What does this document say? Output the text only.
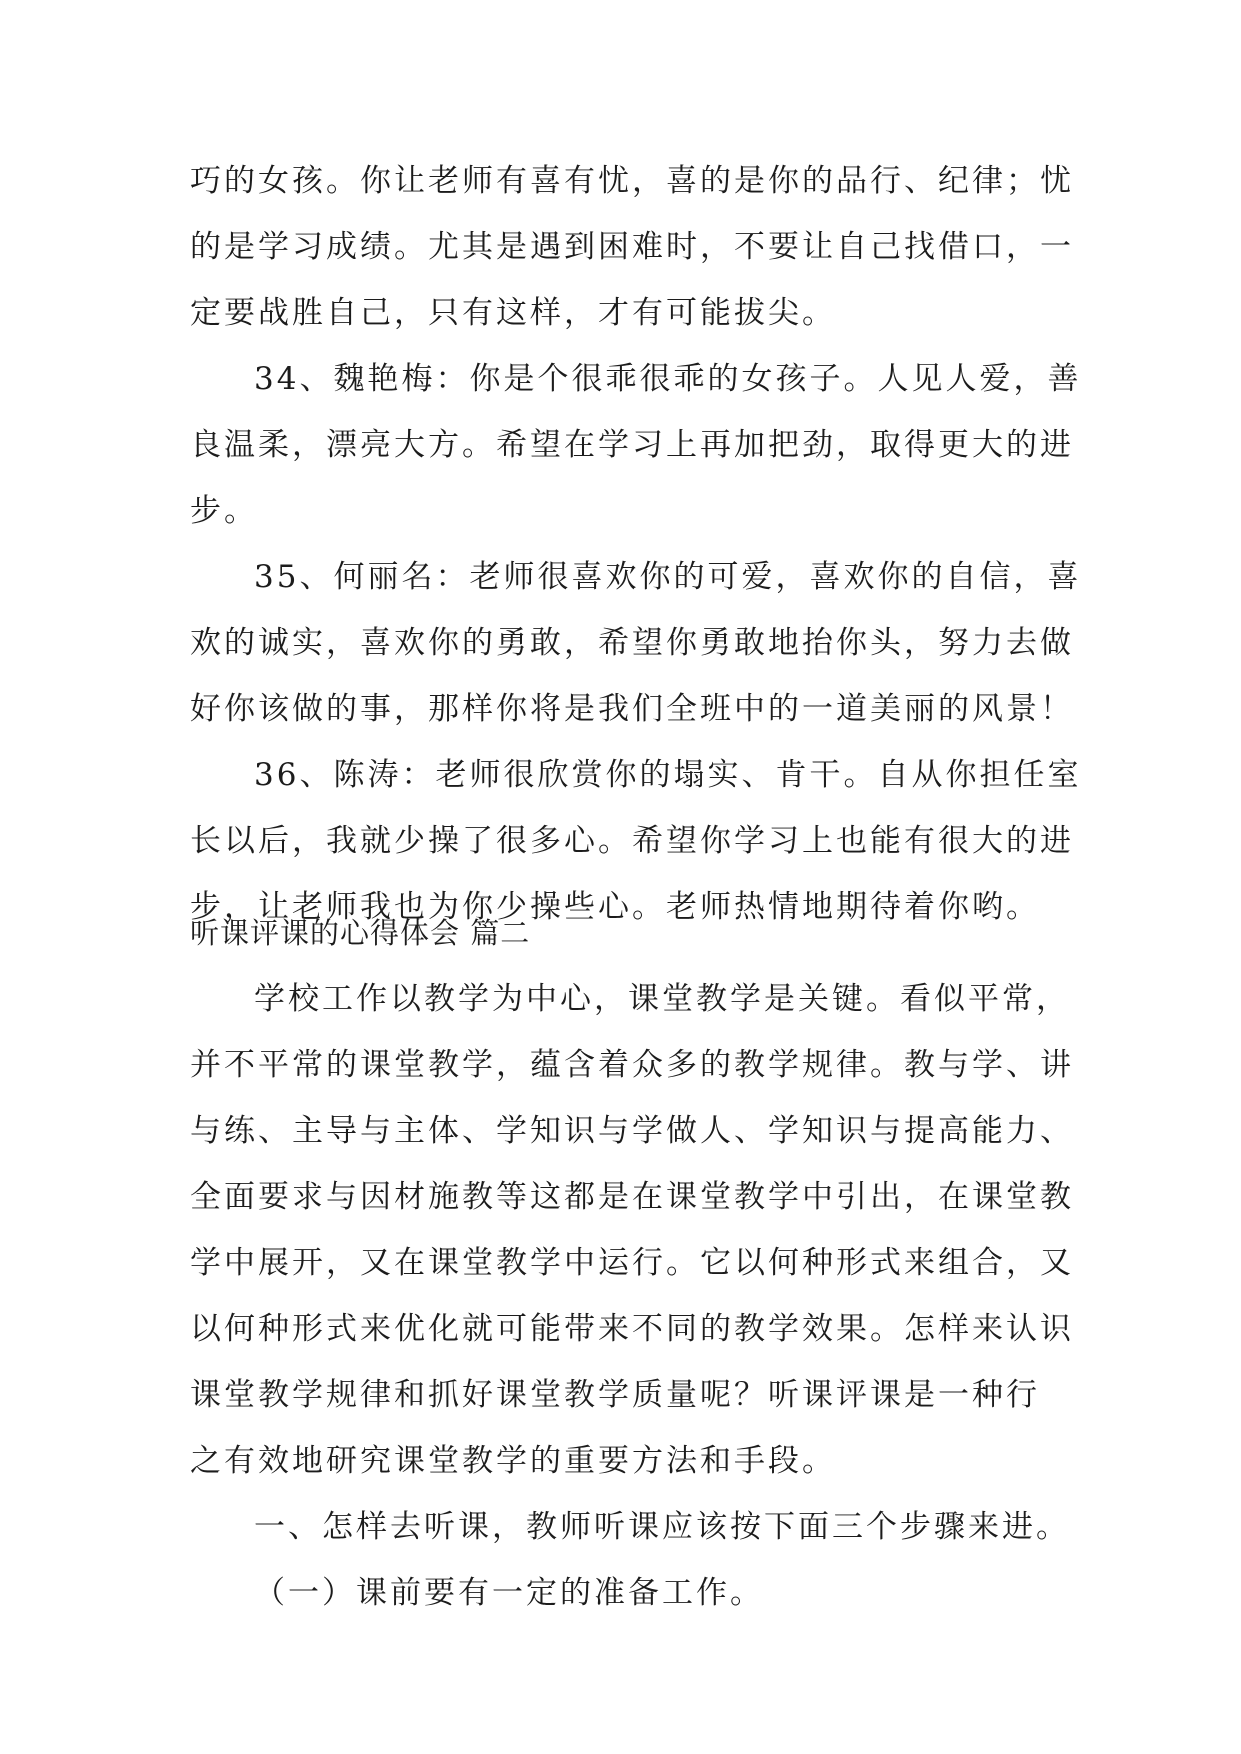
巧的女孩。你让老师有喜有忧，喜的是你的品行、纪律；忧
的是学习成绩。尤其是遇到困难时，不要让自己找借口，一
定要战胜自己，只有这样，才有可能拔尖。
34、魏艳梅：你是个很乖很乖的女孩子。人见人爱，善
良温柔，漂亮大方。希望在学习上再加把劲，取得更大的进
步。
35、何丽名：老师很喜欢你的可爱，喜欢你的自信，喜
欢的诚实，喜欢你的勇敢，希望你勇敢地抬你头，努力去做
好你该做的事，那样你将是我们全班中的一道美丽的风景！
36、陈涛：老师很欣赏你的塌实、肯干。自从你担任室
长以后，我就少操了很多心。希望你学习上也能有很大的进
步，让老师我也为你少操些心。老师热情地期待着你哟。
听课评课的心得体会 篇二
学校工作以教学为中心，课堂教学是关键。看似平常，
并不平常的课堂教学，蕴含着众多的教学规律。教与学、讲
与练、主导与主体、学知识与学做人、学知识与提高能力、
全面要求与因材施教等这都是在课堂教学中引出，在课堂教
学中展开，又在课堂教学中运行。它以何种形式来组合，又
以何种形式来优化就可能带来不同的教学效果。怎样来认识
课堂教学规律和抓好课堂教学质量呢？听课评课是一种行
之有效地研究课堂教学的重要方法和手段。
一、怎样去听课，教师听课应该按下面三个步骤来进。
（一）课前要有一定的准备工作。
